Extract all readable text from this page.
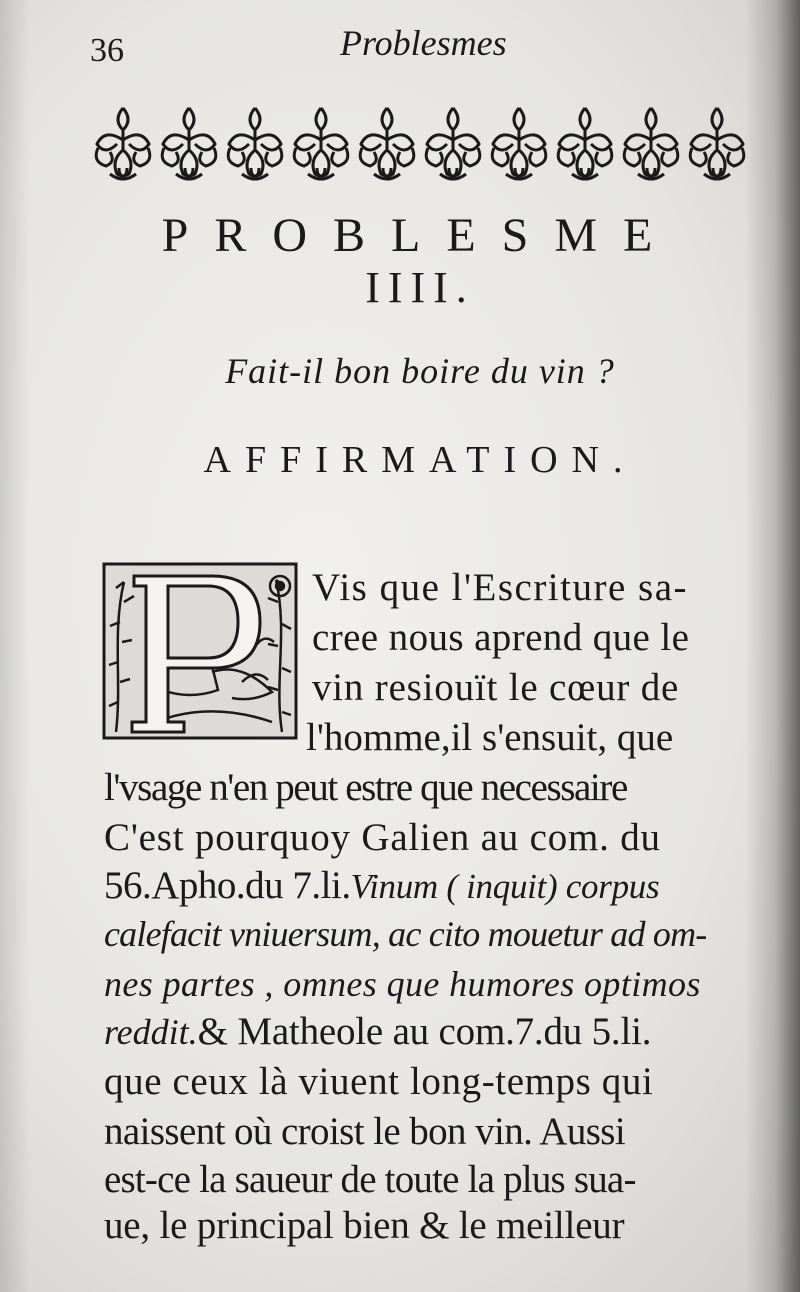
36	Problesmes
PROBLESME
IIII.
Fait-il bon boire du vin ?
AFFIRMATION.
Vis que l'Escriture sa-
cree nous aprend que le
vin resiouït le cœur de
l'homme,il s'ensuit, que
l'vsage n'en peut estre que necessaire
C'est pourquoy Galien au com. du
56.Apho.du 7.li.Vinum ( inquit) corpus
calefacit vniuersum, ac cito mouetur ad om-
nes partes , omnes que humores optimos
reddit.& Matheole au com.7.du 5.li.
que ceux là viuent long-temps qui
naissent où croist le bon vin. Aussi
est-ce la saueur de toute la plus sua-
ue, le principal bien & le meilleur
